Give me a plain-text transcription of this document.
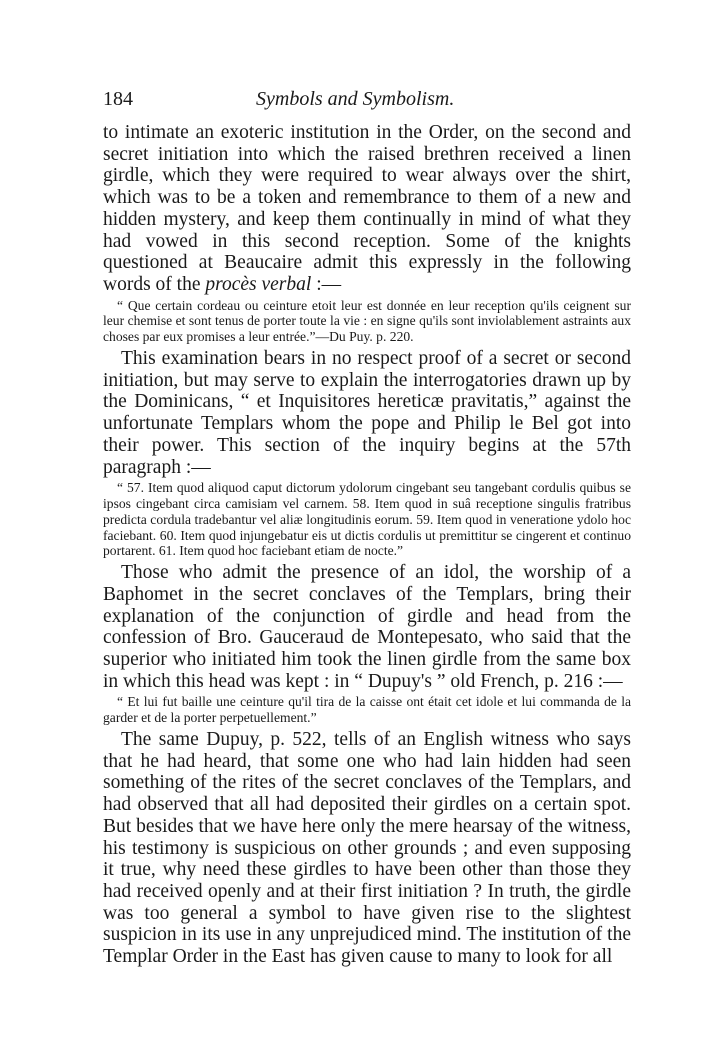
184	Symbols and Symbolism.

to intimate an exoteric institution in the Order, on the second and secret initiation into which the raised brethren received a linen girdle, which they were required to wear always over the shirt, which was to be a token and remembrance to them of a new and hidden mystery, and keep them continually in mind of what they had vowed in this second reception. Some of the knights questioned at Beaucaire admit this expressly in the following words of the procès verbal :—

“ Que certain cordeau ou ceinture etoit leur est donnée en leur reception qu'ils ceignent sur leur chemise et sont tenus de porter toute la vie : en signe qu'ils sont inviolablement astraints aux choses par eux promises a leur entrée.”—Du Puy. p. 220.

This examination bears in no respect proof of a secret or second initiation, but may serve to explain the interrogatories drawn up by the Dominicans, “ et Inquisitores hereticæ pravitatis,” against the unfortunate Templars whom the pope and Philip le Bel got into their power. This section of the inquiry begins at the 57th paragraph :—

“ 57. Item quod aliquod caput dictorum ydolorum cingebant seu tangebant cordulis quibus se ipsos cingebant circa camisiam vel carnem. 58. Item quod in suâ receptione singulis fratribus predicta cordula tradebantur vel aliæ longitudinis eorum. 59. Item quod in veneratione ydolo hoc faciebant. 60. Item quod injungebatur eis ut dictis cordulis ut premittitur se cingerent et continuo portarent. 61. Item quod hoc faciebant etiam de nocte.”

Those who admit the presence of an idol, the worship of a Baphomet in the secret conclaves of the Templars, bring their explanation of the conjunction of girdle and head from the confession of Bro. Gauceraud de Montepesato, who said that the superior who initiated him took the linen girdle from the same box in which this head was kept : in “ Dupuy's ” old French, p. 216 :—

“ Et lui fut baille une ceinture qu'il tira de la caisse ont était cet idole et lui commanda de la garder et de la porter perpetuellement.”

The same Dupuy, p. 522, tells of an English witness who says that he had heard, that some one who had lain hidden had seen something of the rites of the secret conclaves of the Templars, and had observed that all had deposited their girdles on a certain spot. But besides that we have here only the mere hearsay of the witness, his testimony is suspicious on other grounds ; and even supposing it true, why need these girdles to have been other than those they had received openly and at their first initiation ? In truth, the girdle was too general a symbol to have given rise to the slightest suspicion in its use in any unprejudiced mind. The institution of the Templar Order in the East has given cause to many to look for all
